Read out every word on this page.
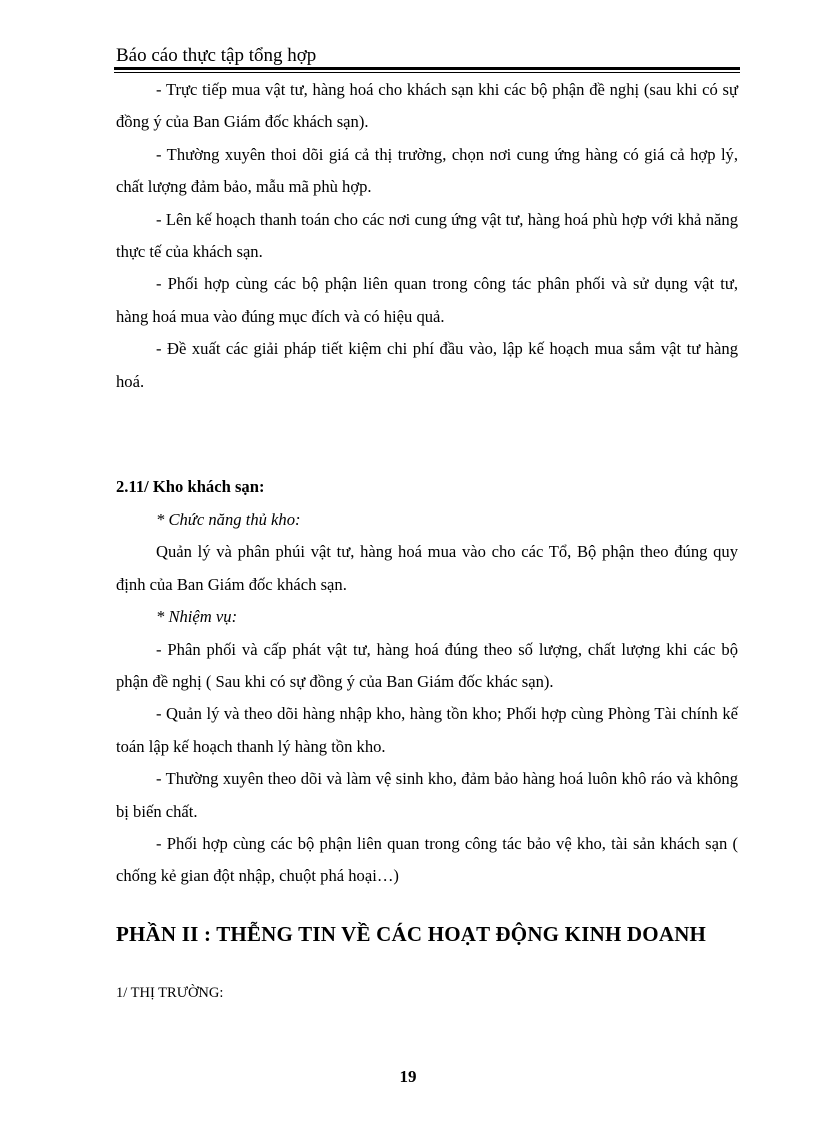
Báo cáo thực tập tổng hợp

- Trực tiếp mua vật tư, hàng hoá cho khách sạn khi các bộ phận đề nghị (sau khi có sự đồng ý của Ban Giám đốc khách sạn).

- Thường xuyên thoi dõi giá cả thị trường, chọn nơi cung ứng hàng có giá cả hợp lý, chất lượng đảm bảo, mẫu mã phù hợp.

- Lên kế hoạch thanh toán cho các nơi cung ứng vật tư, hàng hoá phù hợp với khả năng thực tế của khách sạn.

- Phối hợp cùng các bộ phận liên quan trong công tác phân phối và sử dụng vật tư, hàng hoá mua vào đúng mục đích và có hiệu quả.

- Đề xuất các giải pháp tiết kiệm chi phí đầu vào, lập kế hoạch mua sắm vật tư hàng hoá.

2.11/ Kho khách sạn:

* Chức năng thủ kho:

Quản lý và phân phúi vật tư, hàng hoá mua vào cho các Tổ, Bộ phận theo đúng quy định của Ban Giám đốc khách sạn.

* Nhiệm vụ:

- Phân phối và cấp phát vật tư, hàng hoá đúng theo số lượng, chất lượng khi các bộ phận đề nghị ( Sau khi có sự đồng ý của Ban Giám đốc khác sạn).

- Quản lý và theo dõi hàng nhập kho, hàng tồn kho; Phối hợp cùng Phòng Tài chính kế toán lập kế hoạch thanh lý hàng tồn kho.

- Thường xuyên theo dõi và làm vệ sinh kho, đảm bảo hàng hoá luôn khô ráo và không bị biến chất.

- Phối hợp cùng các bộ phận liên quan trong công tác bảo vệ kho, tài sản khách sạn ( chống kẻ gian đột nhập, chuột phá hoại…)

PHẦN II : THỄNG TIN VỀ CÁC HOẠT ĐỘNG KINH DOANH
1/ THỊ TRƯỜNG:
19
